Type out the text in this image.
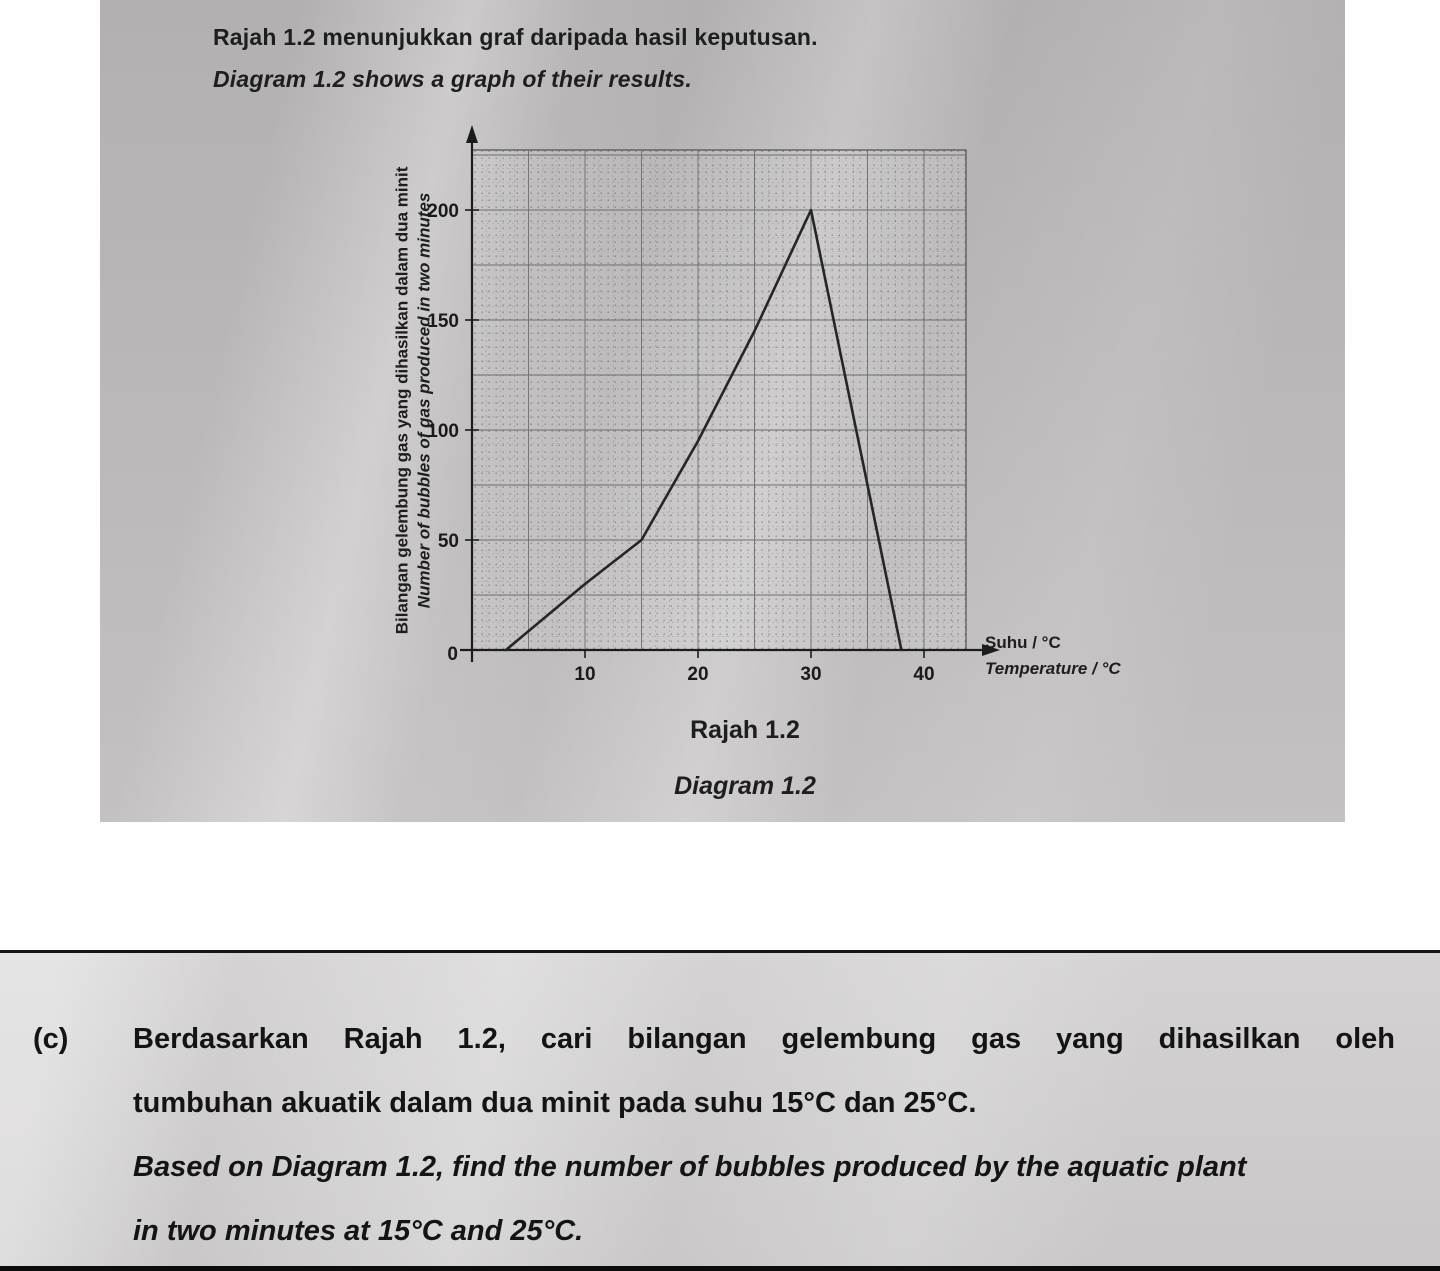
Rajah 1.2 menunjukkan graf daripada hasil keputusan.

Diagram 1.2 shows a graph of their results.

Bilangan gelembung gas yang dihasilkan dalam dua minit Number of bubbles of gas produced in two minutes
10	20	30	40
50
100
150
200
0
Suhu / °C
Temperature / °C
Rajah 1.2
Diagram 1.2
(c) Berdasarkan Rajah 1.2, cari bilangan gelembung gas yang dihasilkan oleh
tumbuhan akuatik dalam dua minit pada suhu 15°C dan 25°C.
Based on Diagram 1.2, find the number of bubbles produced by the aquatic plant
in two minutes at 15°C and 25°C.
